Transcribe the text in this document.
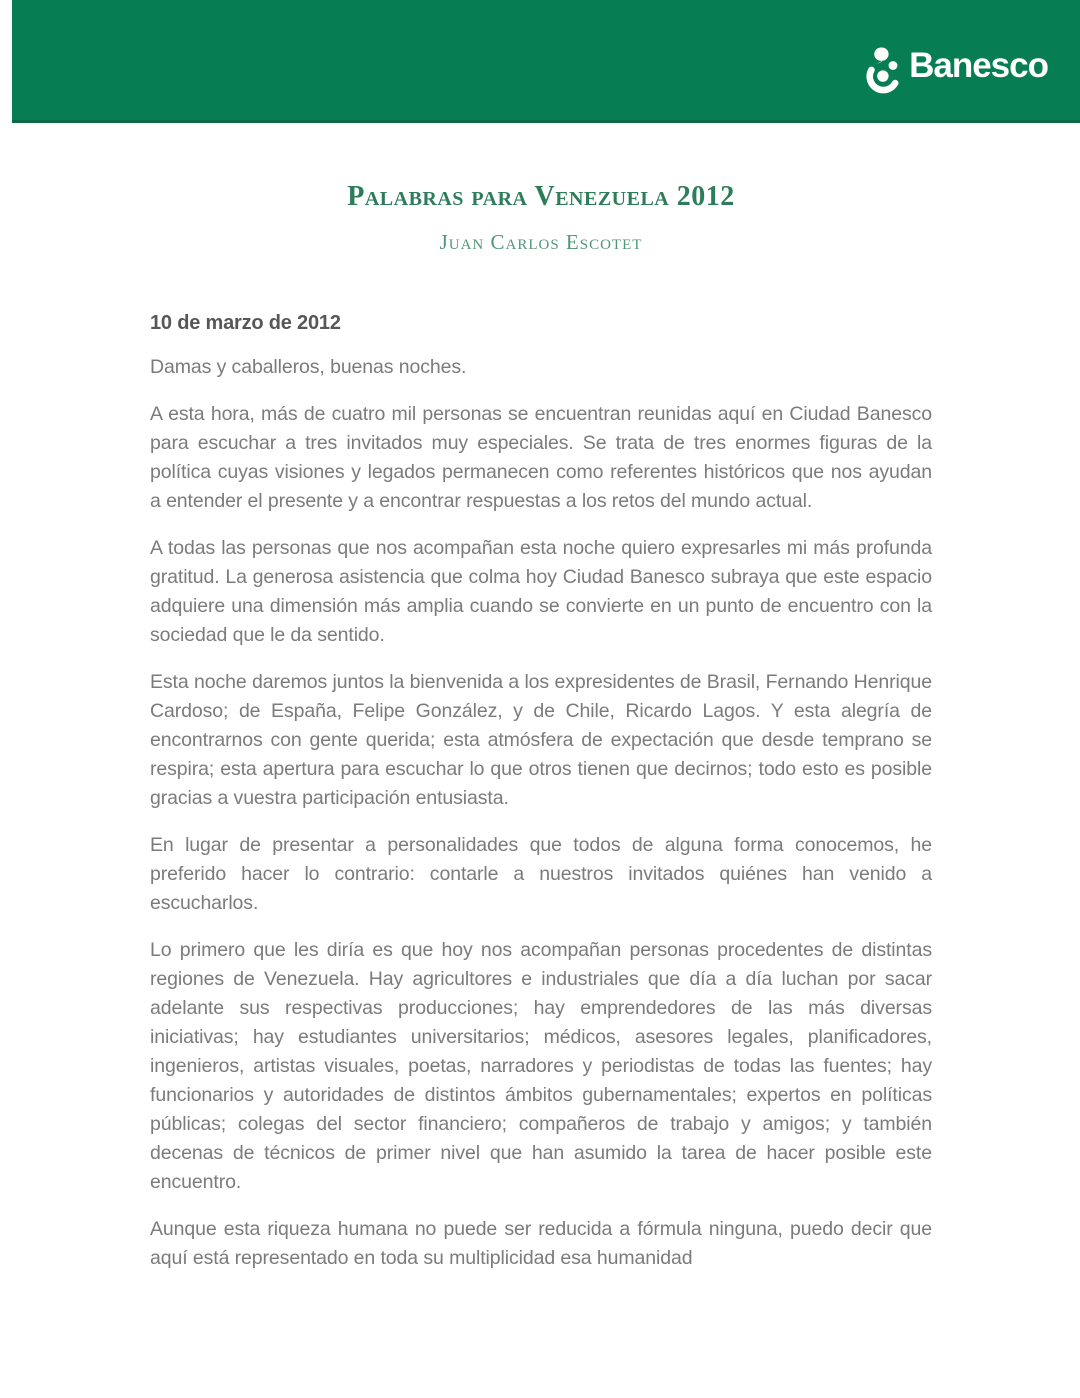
Banesco
Palabras para Venezuela 2012
Juan Carlos Escotet

10 de marzo de 2012

Damas y caballeros, buenas noches.

A esta hora, más de cuatro mil personas se encuentran reunidas aquí en Ciudad Banesco para escuchar a tres invitados muy especiales. Se trata de tres enormes figuras de la política cuyas visiones y legados permanecen como referentes históricos que nos ayudan a entender el presente y a encontrar respuestas a los retos del mundo actual.

A todas las personas que nos acompañan esta noche quiero expresarles mi más profunda gratitud. La generosa asistencia que colma hoy Ciudad Banesco subraya que este espacio adquiere una dimensión más amplia cuando se convierte en un punto de encuentro con la sociedad que le da sentido.

Esta noche daremos juntos la bienvenida a los expresidentes de Brasil, Fernando Henrique Cardoso; de España, Felipe González, y de Chile, Ricardo Lagos. Y esta alegría de encontrarnos con gente querida; esta atmósfera de expectación que desde temprano se respira; esta apertura para escuchar lo que otros tienen que decirnos; todo esto es posible gracias a vuestra participación entusiasta.

En lugar de presentar a personalidades que todos de alguna forma conocemos, he preferido hacer lo contrario: contarle a nuestros invitados quiénes han venido a escucharlos.

Lo primero que les diría es que hoy nos acompañan personas procedentes de distintas regiones de Venezuela. Hay agricultores e industriales que día a día luchan por sacar adelante sus respectivas producciones; hay emprendedores de las más diversas iniciativas; hay estudiantes universitarios; médicos, asesores legales, planificadores, ingenieros, artistas visuales, poetas, narradores y periodistas de todas las fuentes; hay funcionarios y autoridades de distintos ámbitos gubernamentales; expertos en políticas públicas; colegas del sector financiero; compañeros de trabajo y amigos; y también decenas de técnicos de primer nivel que han asumido la tarea de hacer posible este encuentro.

Aunque esta riqueza humana no puede ser reducida a fórmula ninguna, puedo decir que aquí está representado en toda su multiplicidad esa humanidad
